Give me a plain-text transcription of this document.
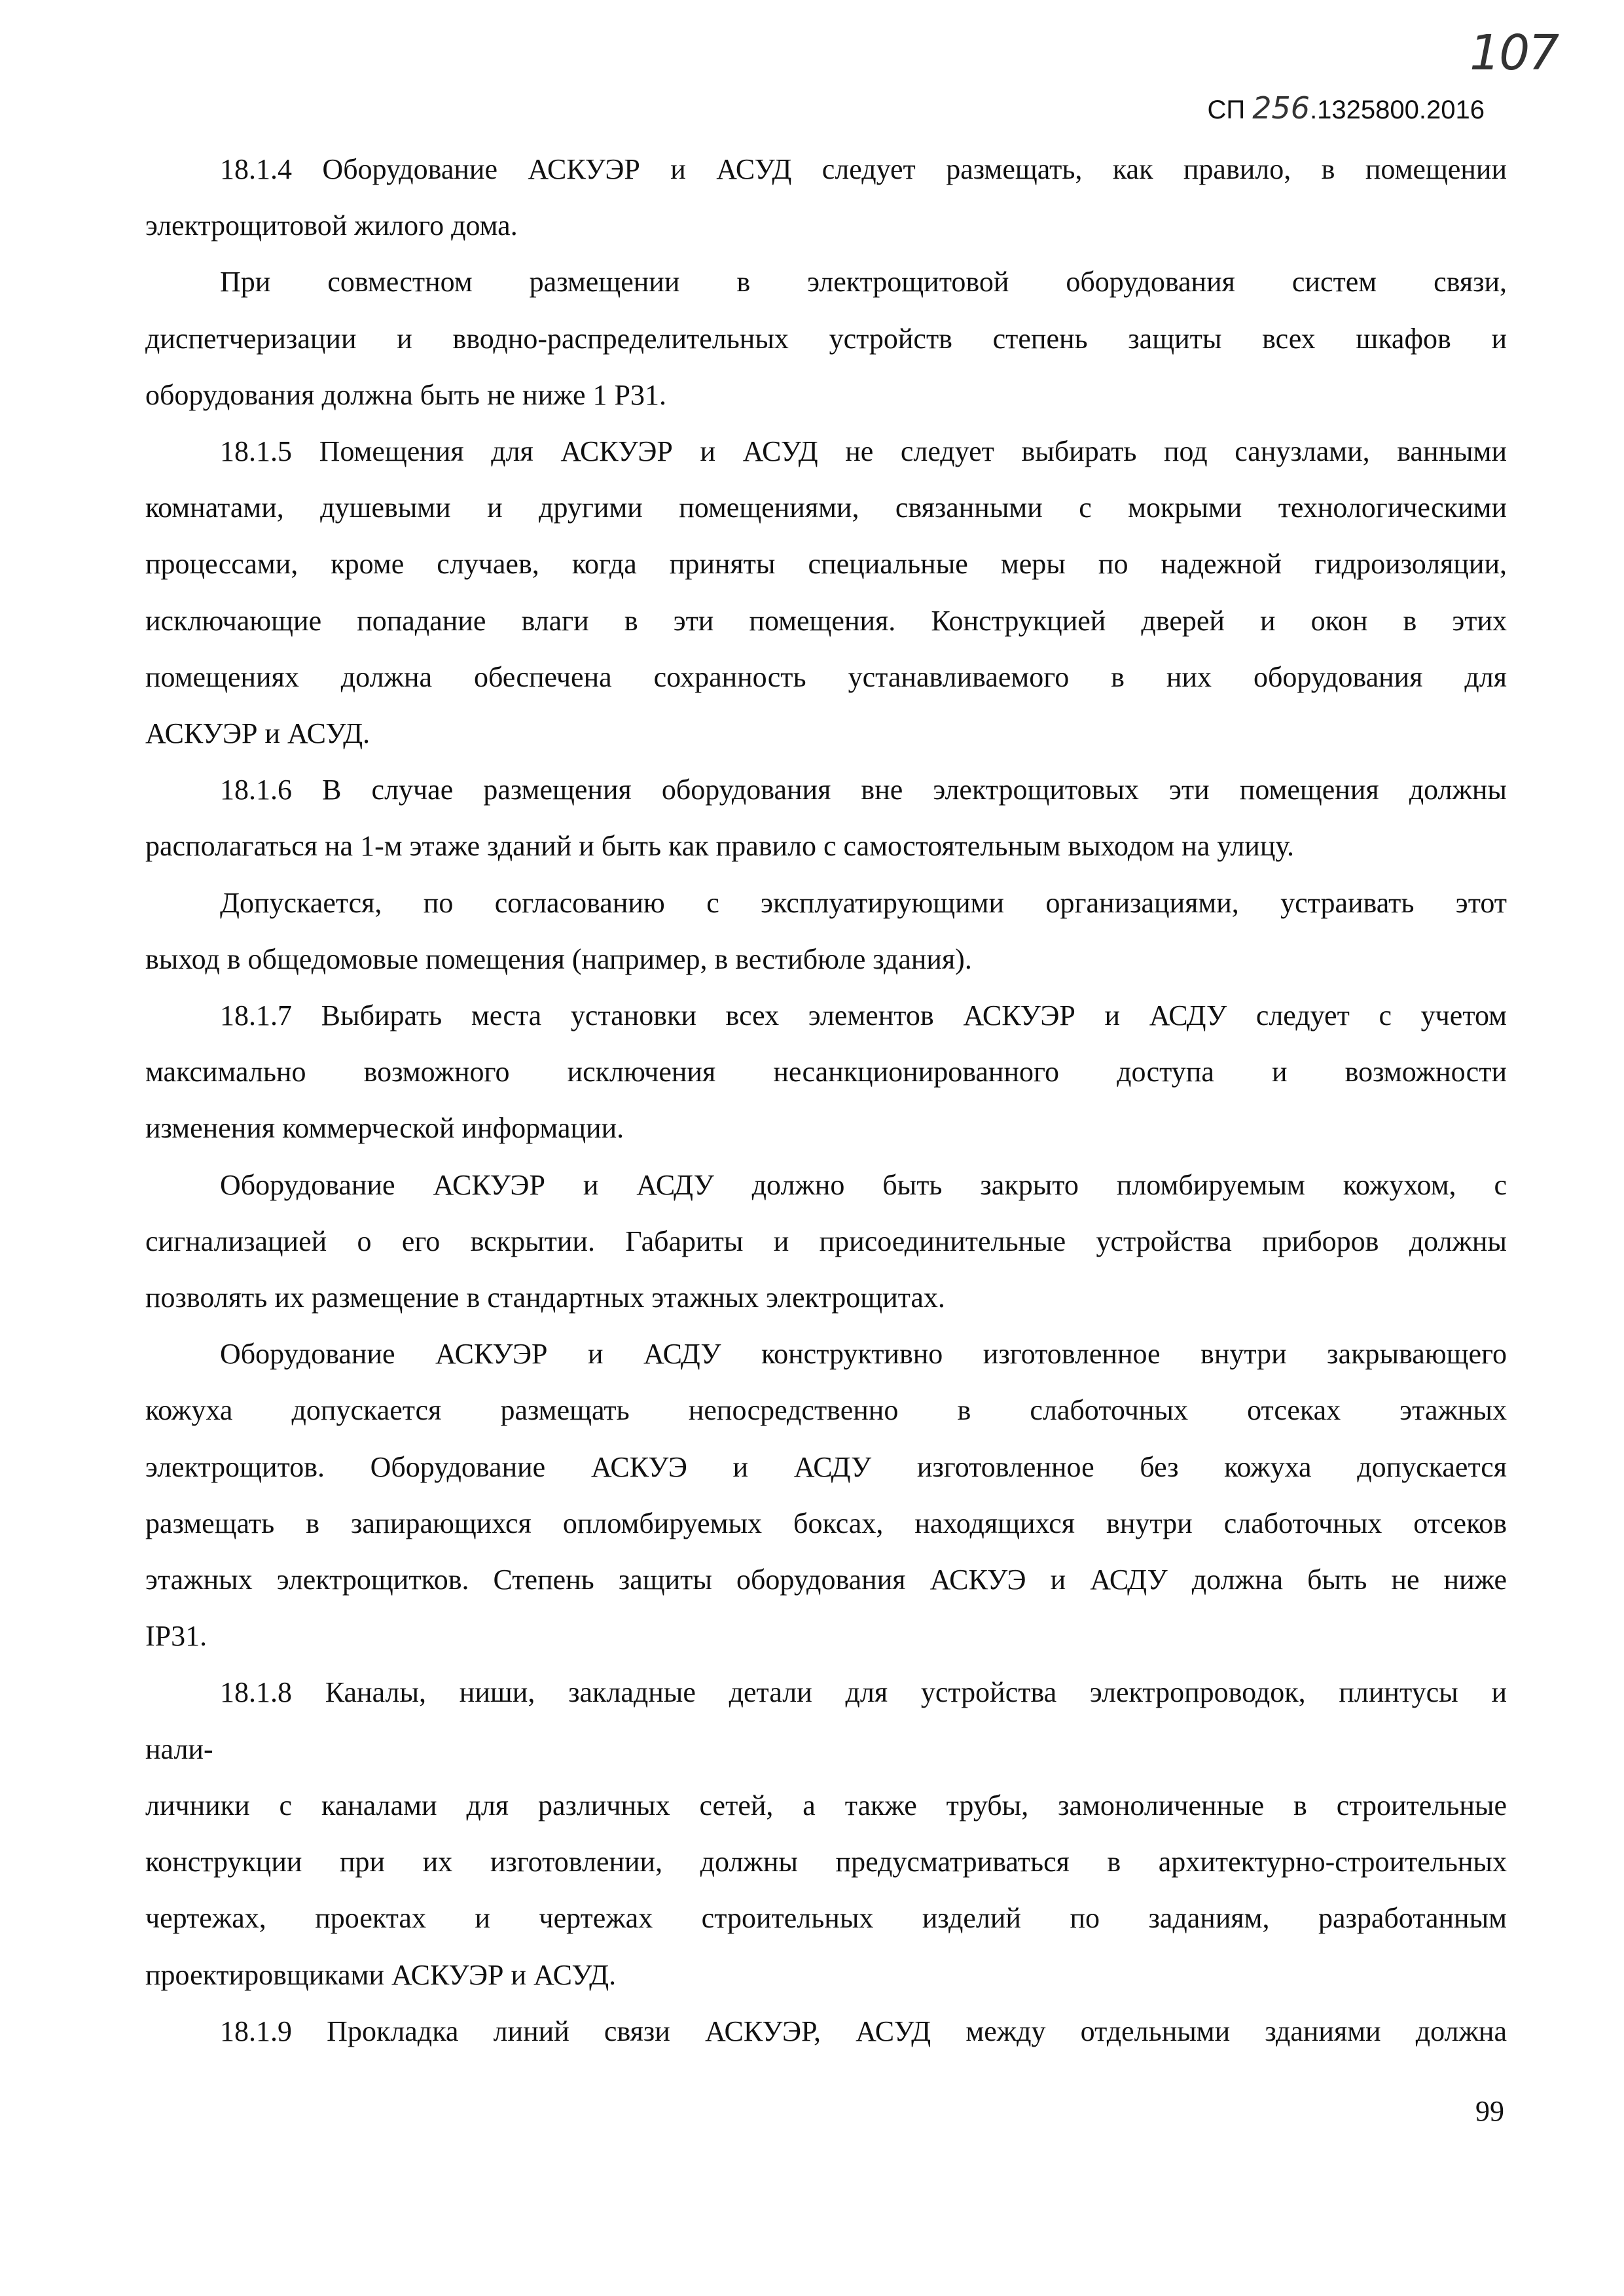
107
СП 256.1325800.2016

18.1.4 Оборудование АСКУЭР и АСУД следует размещать, как правило, в помещении

электрощитовой жилого дома.

При совместном размещении в электрощитовой оборудования систем связи,

диспетчеризации и вводно-распределительных устройств степень защиты всех шкафов и

оборудования должна быть не ниже 1 Р31.

18.1.5 Помещения для АСКУЭР и АСУД не следует выбирать под санузлами, ванными

комнатами, душевыми и другими помещениями, связанными с мокрыми технологическими

процессами, кроме случаев, когда приняты специальные меры по надежной гидроизоляции,

исключающие попадание влаги в эти помещения. Конструкцией дверей и окон в этих

помещениях должна обеспечена сохранность устанавливаемого в них оборудования для

АСКУЭР и АСУД.

18.1.6 В случае размещения оборудования вне электрощитовых эти помещения должны

располагаться на 1-м этаже зданий и быть как правило с самостоятельным выходом на улицу.

Допускается, по согласованию с эксплуатирующими организациями, устраивать этот

выход в общедомовые помещения (например, в вестибюле здания).

18.1.7 Выбирать места установки всех элементов АСКУЭР и АСДУ следует с учетом

максимально возможного исключения несанкционированного доступа и возможности

изменения коммерческой информации.

Оборудование АСКУЭР и АСДУ должно быть закрыто пломбируемым кожухом, с

сигнализацией о его вскрытии. Габариты и присоединительные устройства приборов должны

позволять их размещение в стандартных этажных электрощитах.

Оборудование АСКУЭР и АСДУ конструктивно изготовленное внутри закрывающего

кожуха допускается размещать непосредственно в слаботочных отсеках этажных

электрощитов. Оборудование АСКУЭ и АСДУ изготовленное без кожуха допускается

размещать в запирающихся опломбируемых боксах, находящихся внутри слаботочных отсеков

этажных электрощитков. Степень защиты оборудования АСКУЭ и АСДУ должна быть не ниже

IP31.

18.1.8 Каналы, ниши, закладные детали для устройства электропроводок, плинтусы и

нали-

личники с каналами для различных сетей, а также трубы, замоноличенные в строительные

конструкции при их изготовлении, должны предусматриваться в архитектурно-строительных

чертежах, проектах и чертежах строительных изделий по заданиям, разработанным

проектировщиками АСКУЭР и АСУД.

18.1.9 Прокладка линий связи АСКУЭР, АСУД между отдельными зданиями должна

99
